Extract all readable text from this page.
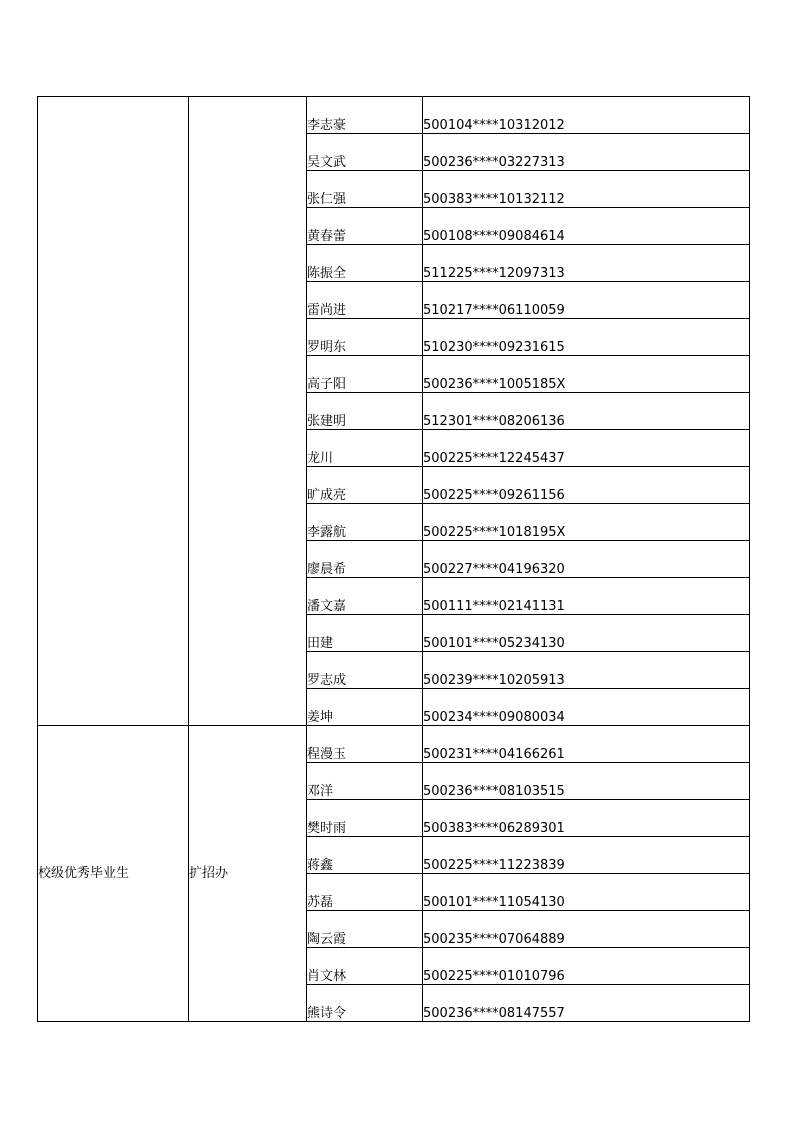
		李志豪	500104****10312012

		吴文武	500236****03227313

		张仁强	500383****10132112

		黄春蕾	500108****09084614

		陈振全	511225****12097313

		雷尚进	510217****06110059

		罗明东	510230****09231615

		高子阳	500236****1005185X

		张建明	512301****08206136

		龙川	500225****12245437

		旷成亮	500225****09261156

		李露航	500225****1018195X

		廖晨希	500227****04196320

		潘文嘉	500111****02141131

		田建	500101****05234130

		罗志成	500239****10205913

		姜坤	500234****09080034

校级优秀毕业生	扩招办	程漫玉	500231****04166261

		邓洋	500236****08103515

		樊时雨	500383****06289301

		蒋鑫	500225****11223839

		苏磊	500101****11054130

		陶云霞	500235****07064889

		肖文林	500225****01010796

		熊诗令	500236****08147557
